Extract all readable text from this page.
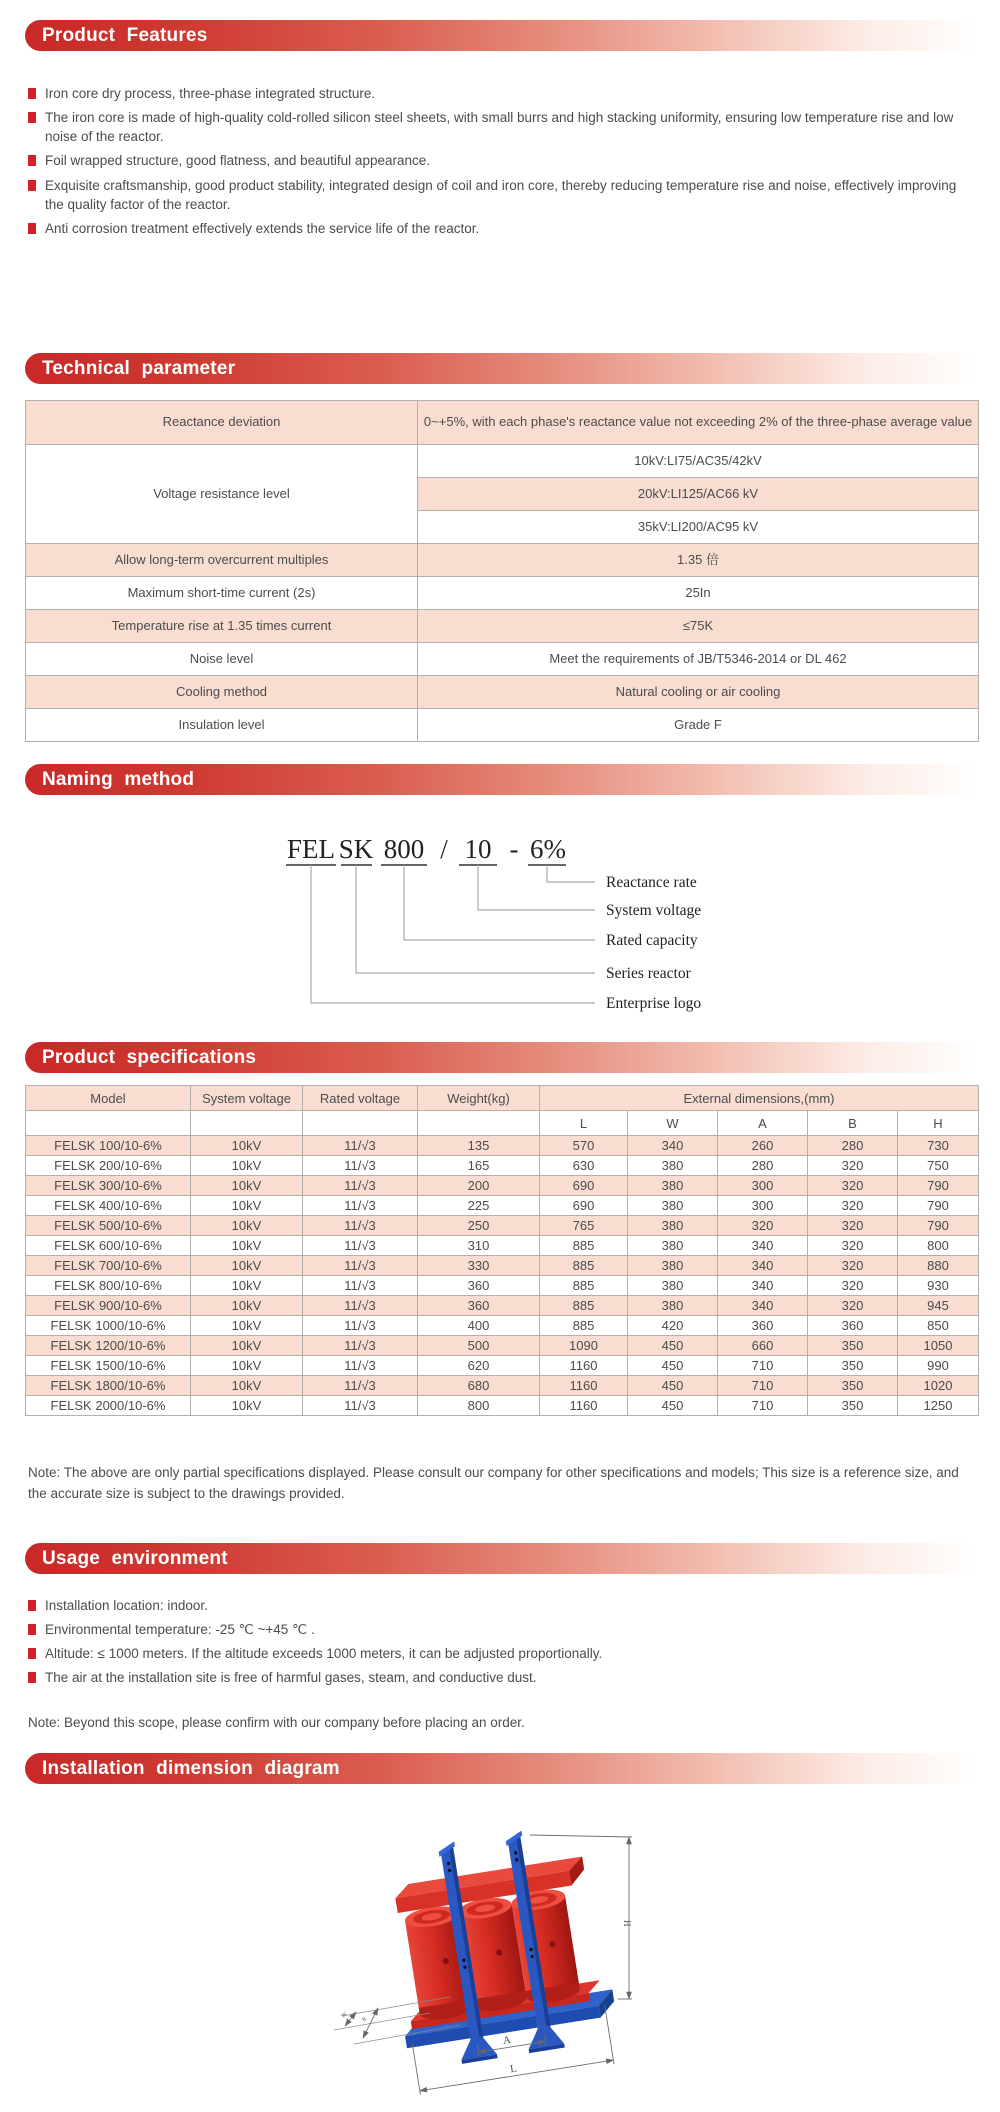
Product Features
Iron core dry process, three-phase integrated structure.
The iron core is made of high-quality cold-rolled silicon steel sheets, with small burrs and high stacking uniformity, ensuring low temperature rise and low noise of the reactor.
Foil wrapped structure, good flatness, and beautiful appearance.
Exquisite craftsmanship, good product stability, integrated design of coil and iron core, thereby reducing temperature rise and noise, effectively improving the quality factor of the reactor.
Anti corrosion treatment effectively extends the service life of the reactor.
Technical parameter
Reactance deviation	0~+5%, with each phase's reactance value not exceeding 2% of the three-phase average value
Voltage resistance level	10kV:LI75/AC35/42kV
	20kV:LI125/AC66 kV
	35kV:LI200/AC95 kV
Allow long-term overcurrent multiples	1.35 倍
Maximum short-time current (2s)	25In
Temperature rise at 1.35 times current	≤75K
Noise level	Meet the requirements of JB/T5346-2014 or DL 462
Cooling method	Natural cooling or air cooling
Insulation level	Grade F
Naming method
FEL SK 800 / 10 - 6%
Reactance rate
System voltage
Rated capacity
Series reactor
Enterprise logo
Product specifications
Model	System voltage	Rated voltage	Weight(kg)	External dimensions,(mm)				
				L	W	A	B	H
FELSK 100/10-6%	10kV	11/√3	135	570	340	260	280	730
FELSK 200/10-6%	10kV	11/√3	165	630	380	280	320	750
FELSK 300/10-6%	10kV	11/√3	200	690	380	300	320	790
FELSK 400/10-6%	10kV	11/√3	225	690	380	300	320	790
FELSK 500/10-6%	10kV	11/√3	250	765	380	320	320	790
FELSK 600/10-6%	10kV	11/√3	310	885	380	340	320	800
FELSK 700/10-6%	10kV	11/√3	330	885	380	340	320	880
FELSK 800/10-6%	10kV	11/√3	360	885	380	340	320	930
FELSK 900/10-6%	10kV	11/√3	360	885	380	340	320	945
FELSK 1000/10-6%	10kV	11/√3	400	885	420	360	360	850
FELSK 1200/10-6%	10kV	11/√3	500	1090	450	660	350	1050
FELSK 1500/10-6%	10kV	11/√3	620	1160	450	710	350	990
FELSK 1800/10-6%	10kV	11/√3	680	1160	450	710	350	1020
FELSK 2000/10-6%	10kV	11/√3	800	1160	450	710	350	1250

Note: The above are only partial specifications displayed. Please consult our company for other specifications and models; This size is a reference size, and the accurate size is subject to the drawings provided.

Usage environment
Installation location: indoor.
Environmental temperature: -25 ℃ ~+45 ℃ .
Altitude: ≤ 1000 meters. If the altitude exceeds 1000 meters, it can be adjusted proportionally.
The air at the installation site is free of harmful gases, steam, and conductive dust.

Note: Beyond this scope, please confirm with our company before placing an order.

Installation dimension diagram
A
L
H
W
B
